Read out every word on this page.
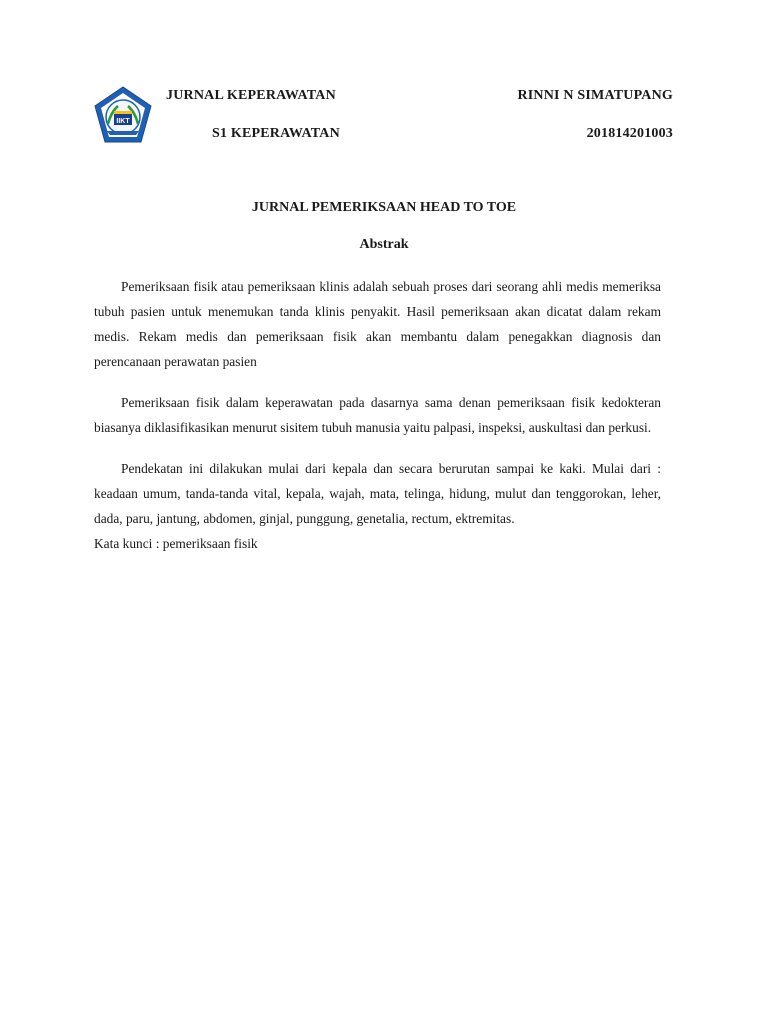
IIKT
JURNAL KEPERAWATAN
S1 KEPERAWATAN
RINNI N SIMATUPANG
201814201003
JURNAL PEMERIKSAAN HEAD TO TOE
Abstrak

Pemeriksaan fisik atau pemeriksaan klinis adalah sebuah proses dari seorang ahli medis memeriksa tubuh pasien untuk menemukan tanda klinis penyakit. Hasil pemeriksaan akan dicatat dalam rekam medis. Rekam medis dan pemeriksaan fisik akan membantu dalam penegakkan diagnosis dan perencanaan perawatan pasien

Pemeriksaan fisik dalam keperawatan pada dasarnya sama denan pemeriksaan fisik kedokteran biasanya diklasifikasikan menurut sisitem tubuh manusia yaitu palpasi, inspeksi, auskultasi dan perkusi.

Pendekatan ini dilakukan mulai dari kepala dan secara berurutan sampai ke kaki. Mulai dari : keadaan umum, tanda-tanda vital, kepala, wajah, mata, telinga, hidung, mulut dan tenggorokan, leher, dada, paru, jantung, abdomen, ginjal, punggung, genetalia, rectum, ektremitas.

Kata kunci : pemeriksaan fisik
